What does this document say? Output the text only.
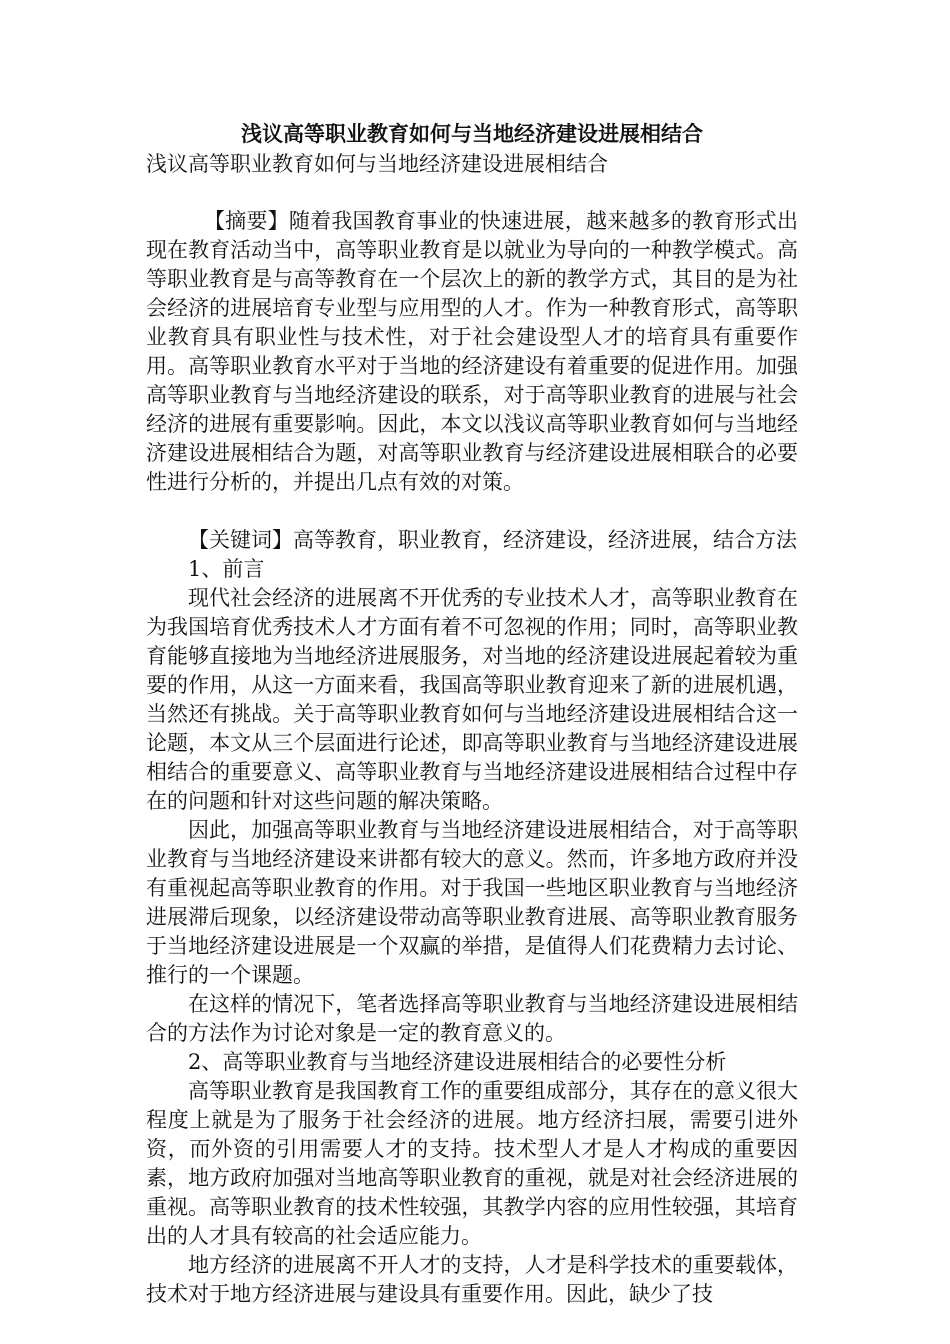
浅议高等职业教育如何与当地经济建设进展相结合

浅议高等职业教育如何与当地经济建设进展相结合

【摘要】随着我国教育事业的快速进展，越来越多的教育形式出现在教育活动当中，高等职业教育是以就业为导向的一种教学模式。高等职业教育是与高等教育在一个层次上的新的教学方式，其目的是为社会经济的进展培育专业型与应用型的人才。作为一种教育形式，高等职业教育具有职业性与技术性，对于社会建设型人才的培育具有重要作用。高等职业教育水平对于当地的经济建设有着重要的促进作用。加强高等职业教育与当地经济建设的联系，对于高等职业教育的进展与社会经济的进展有重要影响。因此，本文以浅议高等职业教育如何与当地经济建设进展相结合为题，对高等职业教育与经济建设进展相联合的必要性进行分析的，并提出几点有效的对策。

【关键词】高等教育，职业教育，经济建设，经济进展，结合方法

1、前言

现代社会经济的进展离不开优秀的专业技术人才，高等职业教育在为我国培育优秀技术人才方面有着不可忽视的作用；同时，高等职业教育能够直接地为当地经济进展服务，对当地的经济建设进展起着较为重要的作用，从这一方面来看，我国高等职业教育迎来了新的进展机遇，当然还有挑战。关于高等职业教育如何与当地经济建设进展相结合这一论题，本文从三个层面进行论述，即高等职业教育与当地经济建设进展相结合的重要意义、高等职业教育与当地经济建设进展相结合过程中存在的问题和针对这些问题的解决策略。

因此，加强高等职业教育与当地经济建设进展相结合，对于高等职业教育与当地经济建设来讲都有较大的意义。然而，许多地方政府并没有重视起高等职业教育的作用。对于我国一些地区职业教育与当地经济进展滞后现象，以经济建设带动高等职业教育进展、高等职业教育服务于当地经济建设进展是一个双赢的举措，是值得人们花费精力去讨论、推行的一个课题。

在这样的情况下，笔者选择高等职业教育与当地经济建设进展相结合的方法作为讨论对象是一定的教育意义的。

2、高等职业教育与当地经济建设进展相结合的必要性分析

高等职业教育是我国教育工作的重要组成部分，其存在的意义很大程度上就是为了服务于社会经济的进展。地方经济扫展，需要引进外资，而外资的引用需要人才的支持。技术型人才是人才构成的重要因素，地方政府加强对当地高等职业教育的重视，就是对社会经济进展的重视。高等职业教育的技术性较强，其教学内容的应用性较强，其培育出的人才具有较高的社会适应能力。

地方经济的进展离不开人才的支持，人才是科学技术的重要载体，技术对于地方经济进展与建设具有重要作用。因此，缺少了技
